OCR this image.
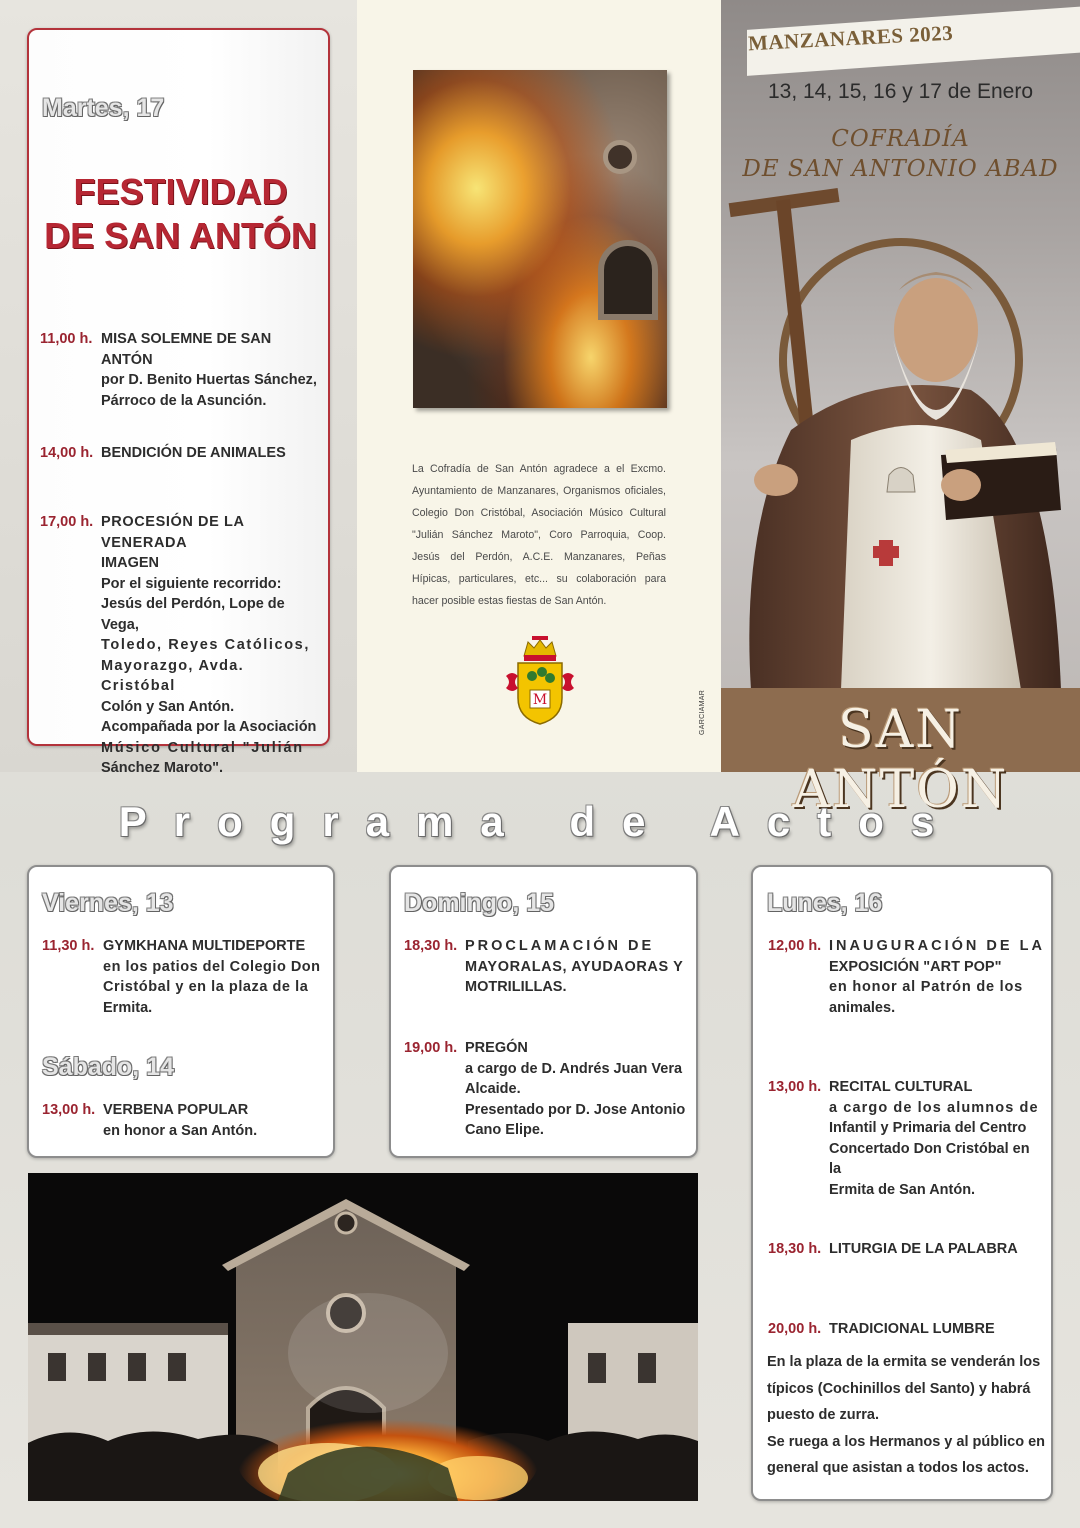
Martes, 17
FESTIVIDAD
DE SAN ANTÓN
11,00 h. MISA SOLEMNE DE SAN ANTÓN
por D. Benito Huertas Sánchez,
Párroco de la Asunción.
14,00 h. BENDICIÓN DE ANIMALES
17,00 h. PROCESIÓN DE LA VENERADA
IMAGEN
Por el siguiente recorrido:
Jesús del Perdón, Lope de Vega,
Toledo, Reyes Católicos,
Mayorazgo, Avda. Cristóbal
Colón y San Antón.
Acompañada por la Asociación
Músico Cultural "Julián
Sánchez Maroto".
La Cofradía de San Antón agradece a el Excmo. Ayuntamiento de Manzanares, Organismos oficiales, Colegio Don Cristóbal, Asociación Músico Cultural "Julián Sánchez Maroto", Coro Parroquia, Coop. Jesús del Perdón, A.C.E. Manzanares, Peñas Hípicas, particulares, etc... su colaboración para hacer posible estas fiestas de San Antón.
M	GARCIAMAR
MANZANARES 2023
13, 14, 15, 16 y 17 de Enero
COFRADÍA
DE SAN ANTONIO ABAD
SAN ANTÓN
Programa de Actos
Viernes, 13
11,30 h. GYMKHANA MULTIDEPORTE
en los patios del Colegio Don
Cristóbal y en la plaza de la
Ermita.
Sábado, 14
13,00 h. VERBENA POPULAR
en honor a San Antón.
Domingo, 15
18,30 h. PROCLAMACIÓN DE
MAYORALAS, AYUDAORAS Y
MOTRILILLAS.
19,00 h. PREGÓN
a cargo de D. Andrés Juan Vera
Alcaide.
Presentado por D. Jose Antonio
Cano Elipe.
Lunes, 16
12,00 h. INAUGURACIÓN DE LA
EXPOSICIÓN "ART POP"
en honor al Patrón de los
animales.
13,00 h. RECITAL CULTURAL
a cargo de los alumnos de
Infantil y Primaria del Centro
Concertado Don Cristóbal en la
Ermita de San Antón.
18,30 h. LITURGIA DE LA PALABRA
20,00 h. TRADICIONAL LUMBRE
En la plaza de la ermita se venderán los
típicos (Cochinillos del Santo) y habrá
puesto de zurra.
Se ruega a los Hermanos y al público en
general que asistan a todos los actos.
